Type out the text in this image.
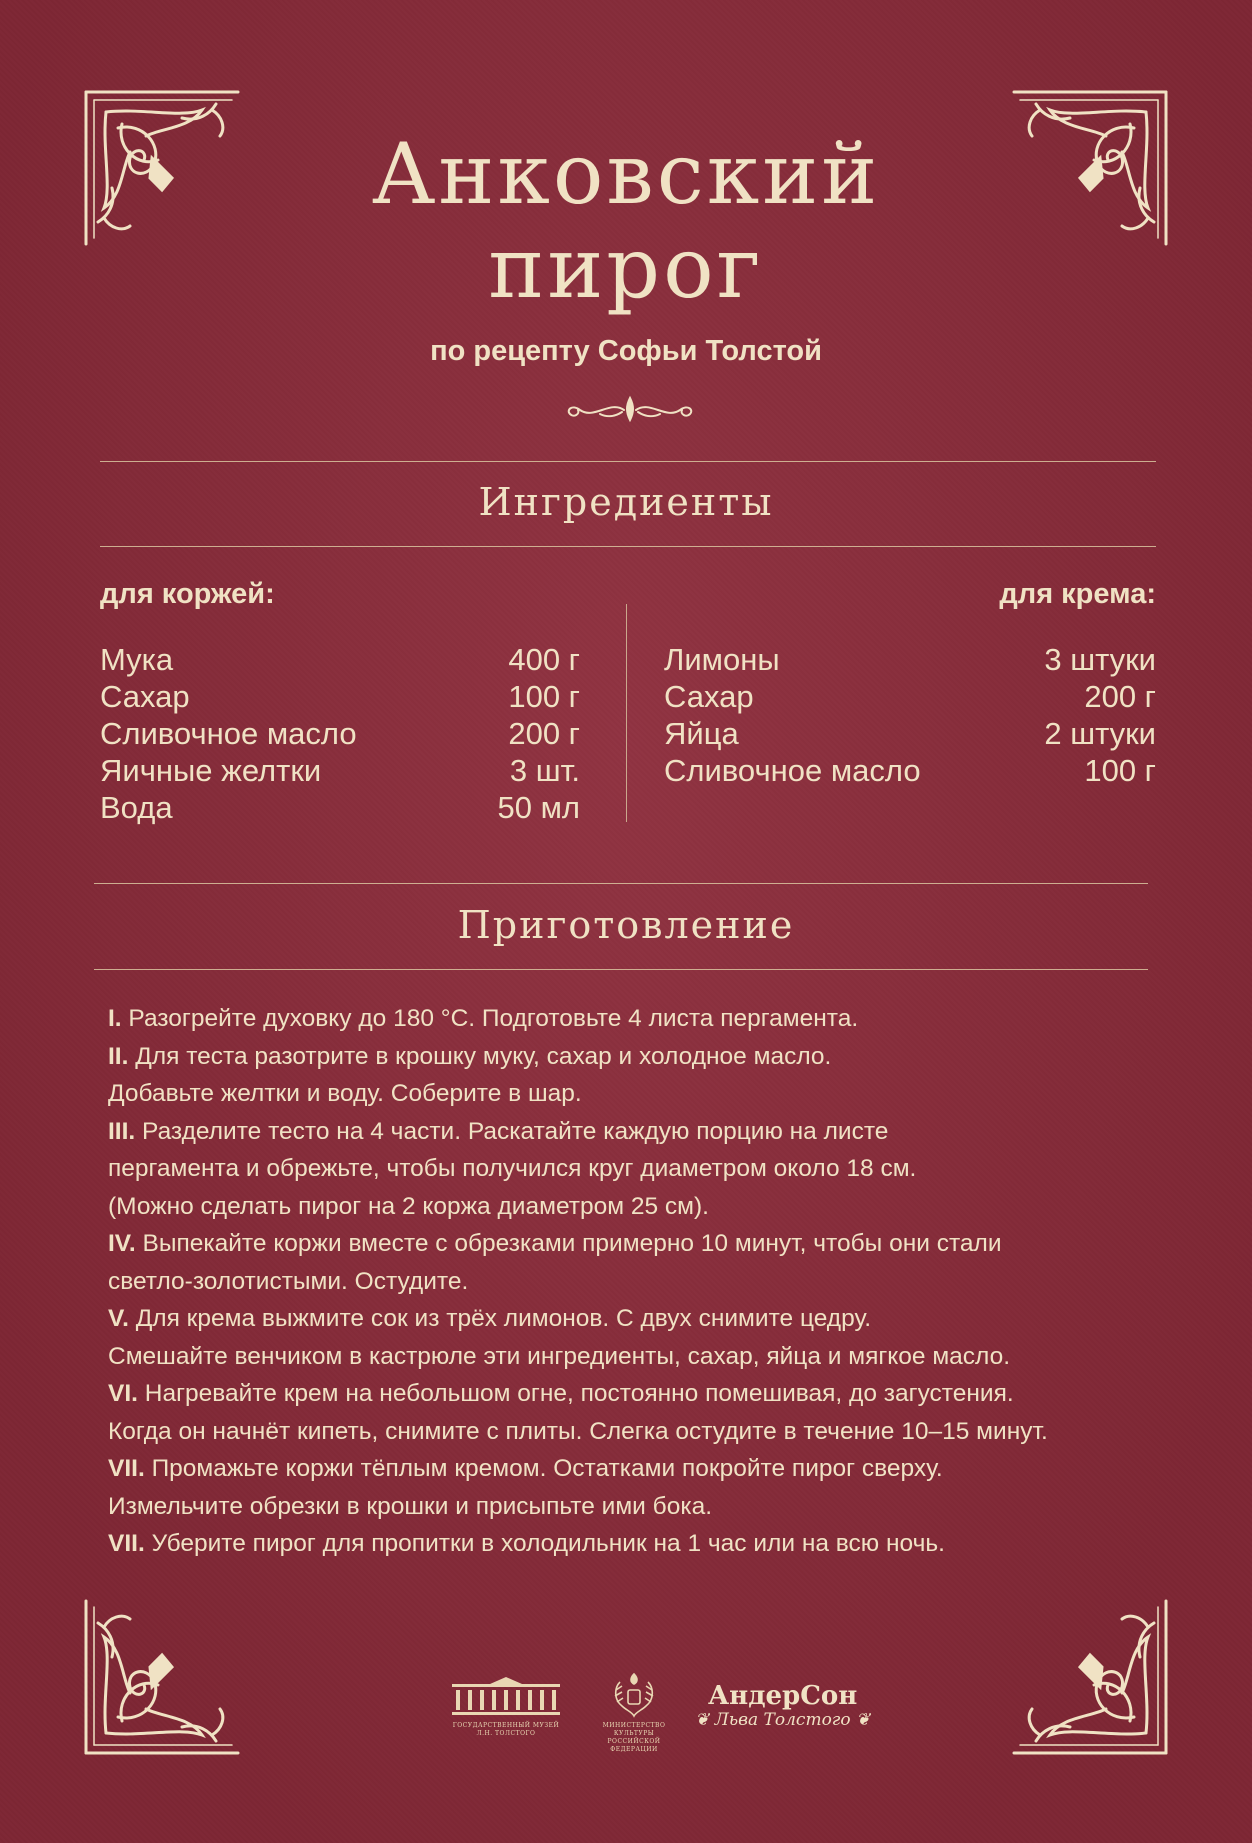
Анковский
пирог
по рецепту Софьи Толстой
Ингредиенты
для коржей:	для крема:
Мука	400 г
Сахар	100 г
Сливочное масло	200 г
Яичные желтки	3 шт.
Вода	50 мл
Лимоны	3 штуки
Сахар	200 г
Яйца	2 штуки
Сливочное масло	100 г
Приготовление
I. Разогрейте духовку до 180 °С. Подготовьте 4 листа пергамента.
II. Для теста разотрите в крошку муку, сахар и холодное масло.
Добавьте желтки и воду. Соберите в шар.
III. Разделите тесто на 4 части. Раскатайте каждую порцию на листе
пергамента и обрежьте, чтобы получился круг диаметром около 18 см.
(Можно сделать пирог на 2 коржа диаметром 25 см).
IV. Выпекайте коржи вместе с обрезками примерно 10 минут, чтобы они стали
светло-золотистыми. Остудите.
V. Для крема выжмите сок из трёх лимонов. С двух снимите цедру.
Смешайте венчиком в кастрюле эти ингредиенты, сахар, яйца и мягкое масло.
VI. Нагревайте крем на небольшом огне, постоянно помешивая, до загустения.
Когда он начнёт кипеть, снимите с плиты. Слегка остудите в течение 10–15 минут.
VII. Промажьте коржи тёплым кремом. Остатками покройте пирог сверху.
Измельчите обрезки в крошки и присыпьте ими бока.
VII. Уберите пирог для пропитки в холодильник на 1 час или на всю ночь.
ГОСУДАРСТВЕННЫЙ МУЗЕЙ Л.Н. ТОЛСТОГО
МИНИСТЕРСТВО КУЛЬТУРЫ РОССИЙСКОЙ ФЕДЕРАЦИИ
АндерСон
❦ Льва Толстого ❦
